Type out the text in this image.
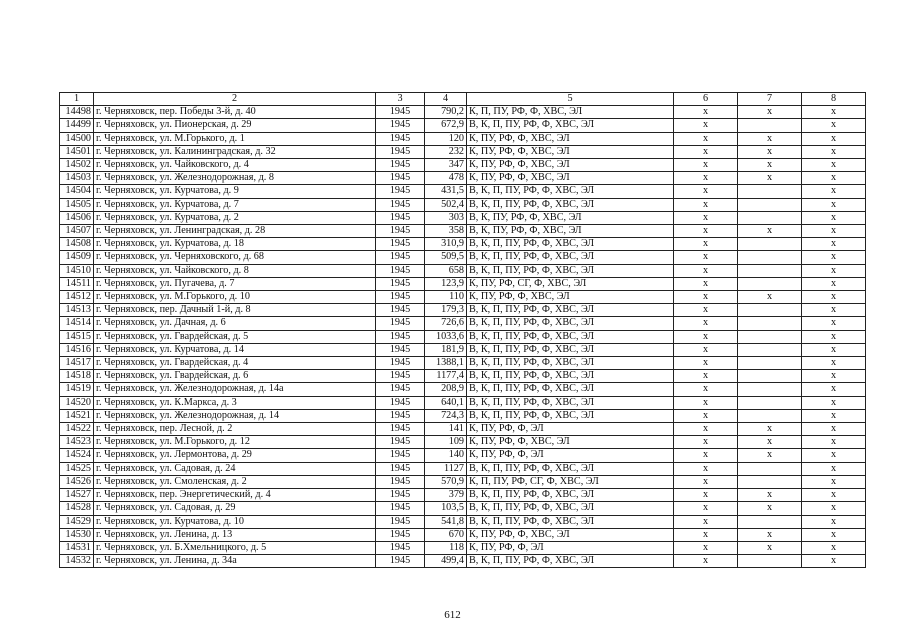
1	2	3	4	5	6	7	8
14498	г. Черняховск, пер. Победы 3-й, д. 40	1945	790,2	К, П, ПУ, РФ, Ф, ХВС, ЭЛ	x	x	x
14499	г. Черняховск, ул. Пионерская, д. 29	1945	672,9	В, К, П, ПУ, РФ, Ф, ХВС, ЭЛ	x		x
14500	г. Черняховск, ул. М.Горького, д. 1	1945	120	К, ПУ, РФ, Ф, ХВС, ЭЛ	x	x	x
14501	г. Черняховск, ул. Калининградская, д. 32	1945	232	К, ПУ, РФ, Ф, ХВС, ЭЛ	x	x	x
14502	г. Черняховск, ул. Чайковского, д. 4	1945	347	К, ПУ, РФ, Ф, ХВС, ЭЛ	x	x	x
14503	г. Черняховск, ул. Железнодорожная, д. 8	1945	478	К, ПУ, РФ, Ф, ХВС, ЭЛ	x	x	x
14504	г. Черняховск, ул. Курчатова, д. 9	1945	431,5	В, К, П, ПУ, РФ, Ф, ХВС, ЭЛ	x		x
14505	г. Черняховск, ул. Курчатова, д. 7	1945	502,4	В, К, П, ПУ, РФ, Ф, ХВС, ЭЛ	x		x
14506	г. Черняховск, ул. Курчатова, д. 2	1945	303	В, К, ПУ, РФ, Ф, ХВС, ЭЛ	x		x
14507	г. Черняховск, ул. Ленинградская, д. 28	1945	358	В, К, ПУ, РФ, Ф, ХВС, ЭЛ	x	x	x
14508	г. Черняховск, ул. Курчатова, д. 18	1945	310,9	В, К, П, ПУ, РФ, Ф, ХВС, ЭЛ	x		x
14509	г. Черняховск, ул. Черняховского, д. 68	1945	509,5	В, К, П, ПУ, РФ, Ф, ХВС, ЭЛ	x		x
14510	г. Черняховск, ул. Чайковского, д. 8	1945	658	В, К, П, ПУ, РФ, Ф, ХВС, ЭЛ	x		x
14511	г. Черняховск, ул. Пугачева, д. 7	1945	123,9	К, ПУ, РФ, СГ, Ф, ХВС, ЭЛ	x		x
14512	г. Черняховск, ул. М.Горького, д. 10	1945	110	К, ПУ, РФ, Ф, ХВС, ЭЛ	x	x	x
14513	г. Черняховск, пер. Дачный 1-й, д. 8	1945	179,3	В, К, П, ПУ, РФ, Ф, ХВС, ЭЛ	x		x
14514	г. Черняховск, ул. Дачная, д. 6	1945	726,6	В, К, П, ПУ, РФ, Ф, ХВС, ЭЛ	x		x
14515	г. Черняховск, ул. Гвардейская, д. 5	1945	1033,6	В, К, П, ПУ, РФ, Ф, ХВС, ЭЛ	x		x
14516	г. Черняховск, ул. Курчатова, д. 14	1945	181,9	В, К, П, ПУ, РФ, Ф, ХВС, ЭЛ	x		x
14517	г. Черняховск, ул. Гвардейская, д. 4	1945	1388,1	В, К, П, ПУ, РФ, Ф, ХВС, ЭЛ	x		x
14518	г. Черняховск, ул. Гвардейская, д. 6	1945	1177,4	В, К, П, ПУ, РФ, Ф, ХВС, ЭЛ	x		x
14519	г. Черняховск, ул. Железнодорожная, д. 14а	1945	208,9	В, К, П, ПУ, РФ, Ф, ХВС, ЭЛ	x		x
14520	г. Черняховск, ул. К.Маркса, д. 3	1945	640,1	В, К, П, ПУ, РФ, Ф, ХВС, ЭЛ	x		x
14521	г. Черняховск, ул. Железнодорожная, д. 14	1945	724,3	В, К, П, ПУ, РФ, Ф, ХВС, ЭЛ	x		x
14522	г. Черняховск, пер. Лесной, д. 2	1945	141	К, ПУ, РФ, Ф, ЭЛ	x	x	x
14523	г. Черняховск, ул. М.Горького, д. 12	1945	109	К, ПУ, РФ, Ф, ХВС, ЭЛ	x	x	x
14524	г. Черняховск, ул. Лермонтова, д. 29	1945	140	К, ПУ, РФ, Ф, ЭЛ	x	x	x
14525	г. Черняховск, ул. Садовая, д. 24	1945	1127	В, К, П, ПУ, РФ, Ф, ХВС, ЭЛ	x		x
14526	г. Черняховск, ул. Смоленская, д. 2	1945	570,9	К, П, ПУ, РФ, СГ, Ф, ХВС, ЭЛ	x		x
14527	г. Черняховск, пер. Энергетический, д. 4	1945	379	В, К, П, ПУ, РФ, Ф, ХВС, ЭЛ	x	x	x
14528	г. Черняховск, ул. Садовая, д. 29	1945	103,5	В, К, П, ПУ, РФ, Ф, ХВС, ЭЛ	x	x	x
14529	г. Черняховск, ул. Курчатова, д. 10	1945	541,8	В, К, П, ПУ, РФ, Ф, ХВС, ЭЛ	x		x
14530	г. Черняховск, ул. Ленина, д. 13	1945	670	К, ПУ, РФ, Ф, ХВС, ЭЛ	x	x	x
14531	г. Черняховск, ул. Б.Хмельницкого, д. 5	1945	118	К, ПУ, РФ, Ф, ЭЛ	x	x	x
14532	г. Черняховск, ул. Ленина, д. 34а	1945	499,4	В, К, П, ПУ, РФ, Ф, ХВС, ЭЛ	x		x
612
